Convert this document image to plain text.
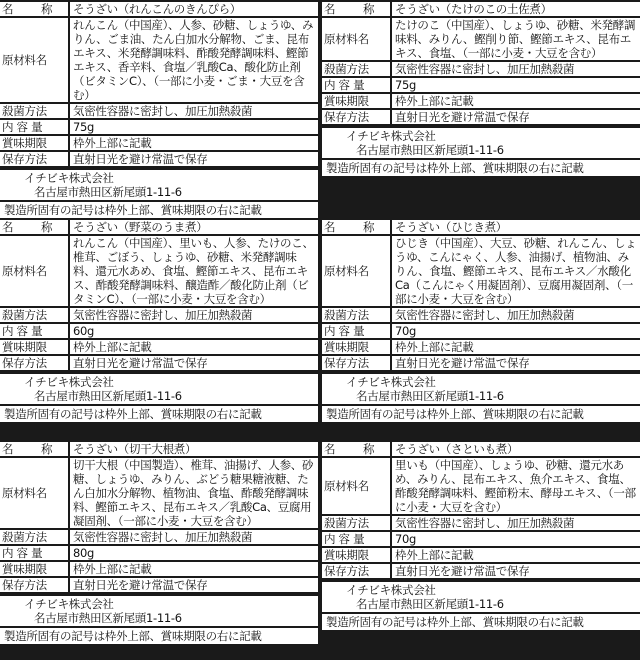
名　称	そうざい（れんこんのきんぴら）
原材料名	れんこん（中国産）、人参、砂糖、しょうゆ、みりん、ごま油、たん白加水分解物、ごま、昆布エキス、米発酵調味料、酢酸発酵調味料、鰹節エキス、香辛料、食塩／乳酸Ca、酸化防止剤（ビタミンC）、（一部に小麦・ごま・大豆を含む）
殺菌方法	気密性容器に密封し、加圧加熱殺菌
内 容 量	75g
賞味期限	枠外上部に記載
保存方法	直射日光を避け常温で保存
イチビキ株式会社
名古屋市熱田区新尾頭1-11-6
製造所固有の記号は枠外上部、賞味期限の右に記載
名　称	そうざい（たけのこの土佐煮）
原材料名	たけのこ（中国産）、しょうゆ、砂糖、米発酵調味料、みりん、鰹削り節、鰹節エキス、昆布エキス、食塩、（一部に小麦・大豆を含む）
殺菌方法	気密性容器に密封し、加圧加熱殺菌
内 容 量	75g
賞味期限	枠外上部に記載
保存方法	直射日光を避け常温で保存
イチビキ株式会社
名古屋市熱田区新尾頭1-11-6
製造所固有の記号は枠外上部、賞味期限の右に記載
名　称	そうざい（野菜のうま煮）
原材料名	れんこん（中国産）、里いも、人参、たけのこ、椎茸、ごぼう、しょうゆ、砂糖、米発酵調味料、還元水あめ、食塩、鰹節エキス、昆布エキス、酢酸発酵調味料、醸造酢／酸化防止剤（ビタミンC）、（一部に小麦・大豆を含む）
殺菌方法	気密性容器に密封し、加圧加熱殺菌
内 容 量	60g
賞味期限	枠外上部に記載
保存方法	直射日光を避け常温で保存
イチビキ株式会社
名古屋市熱田区新尾頭1-11-6
製造所固有の記号は枠外上部、賞味期限の右に記載
名　称	そうざい（ひじき煮）
原材料名	ひじき（中国産）、大豆、砂糖、れんこん、しょうゆ、こんにゃく、人参、油揚げ、植物油、みりん、食塩、鰹節エキス、昆布エキス／水酸化Ca（こんにゃく用凝固剤）、豆腐用凝固剤、（一部に小麦・大豆を含む）
殺菌方法	気密性容器に密封し、加圧加熱殺菌
内 容 量	70g
賞味期限	枠外上部に記載
保存方法	直射日光を避け常温で保存
イチビキ株式会社
名古屋市熱田区新尾頭1-11-6
製造所固有の記号は枠外上部、賞味期限の右に記載
名　称	そうざい（切干大根煮）
原材料名	切干大根（中国製造）、椎茸、油揚げ、人参、砂糖、しょうゆ、みりん、ぶどう糖果糖液糖、たん白加水分解物、植物油、食塩、酢酸発酵調味料、鰹節エキス、昆布エキス／乳酸Ca、豆腐用凝固剤、（一部に小麦・大豆を含む）
殺菌方法	気密性容器に密封し、加圧加熱殺菌
内 容 量	80g
賞味期限	枠外上部に記載
保存方法	直射日光を避け常温で保存
イチビキ株式会社
名古屋市熱田区新尾頭1-11-6
製造所固有の記号は枠外上部、賞味期限の右に記載
名　称	そうざい（さといも煮）
原材料名	里いも（中国産）、しょうゆ、砂糖、還元水あめ、みりん、昆布エキス、魚介エキス、食塩、酢酸発酵調味料、鰹節粉末、酵母エキス、（一部に小麦・大豆を含む）
殺菌方法	気密性容器に密封し、加圧加熱殺菌
内 容 量	70g
賞味期限	枠外上部に記載
保存方法	直射日光を避け常温で保存
イチビキ株式会社
名古屋市熱田区新尾頭1-11-6
製造所固有の記号は枠外上部、賞味期限の右に記載
